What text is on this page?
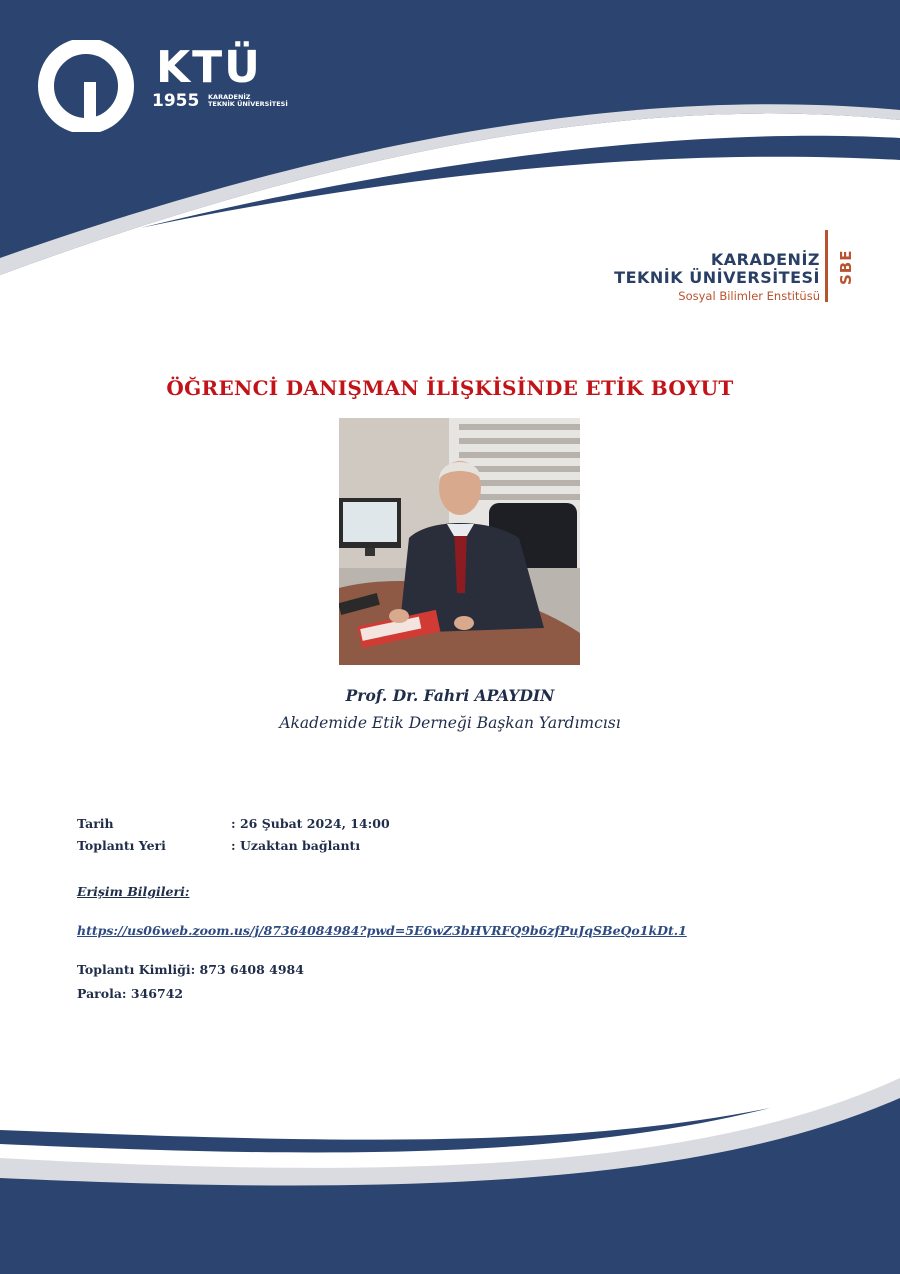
KTÜ
1955 KARADENİZ
TEKNİK ÜNİVERSİTESİ
KARADENİZ
TEKNİK ÜNİVERSİTESİ
Sosyal Bilimler Enstitüsü
SBE
ÖĞRENCİ DANIŞMAN İLİŞKİSİNDE ETİK BOYUT
Prof. Dr. Fahri APAYDIN
Akademide Etik Derneği Başkan Yardımcısı
Tarih	: 26 Şubat 2024, 14:00
Toplantı Yeri	: Uzaktan bağlantı
Erişim Bilgileri:
https://us06web.zoom.us/j/87364084984?pwd=5E6wZ3bHVRFQ9b6zfPuJqSBeQo1kDt.1
Toplantı Kimliği: 873 6408 4984
Parola: 346742
